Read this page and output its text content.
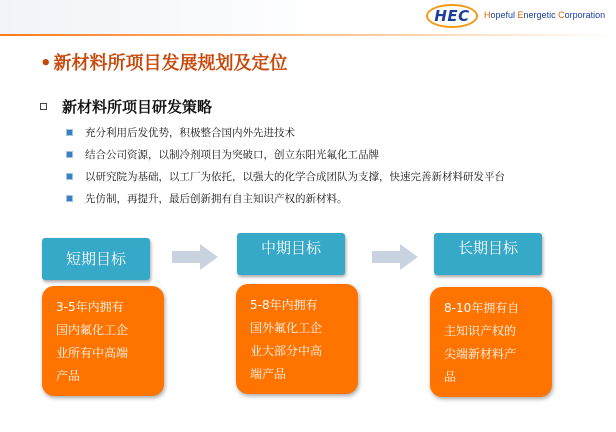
HEC Hopeful Energetic Corporation
• 新材料所项目发展规划及定位
新材料所项目研发策略
充分利用后发优势，积极整合国内外先进技术
结合公司资源，以制冷剂项目为突破口，创立东阳光氟化工品牌
以研究院为基础，以工厂为依托，以强大的化学合成团队为支撑，快速完善新材料研发平台
先仿制，再提升，最后创新拥有自主知识产权的新材料。
短期目标
中期目标	长期目标
3-5年内拥有
国内氟化工企
业所有中高端
产品
5-8年内拥有
国外氟化工企
业大部分中高
端产品
8-10年拥有自
主知识产权的
尖端新材料产
品
